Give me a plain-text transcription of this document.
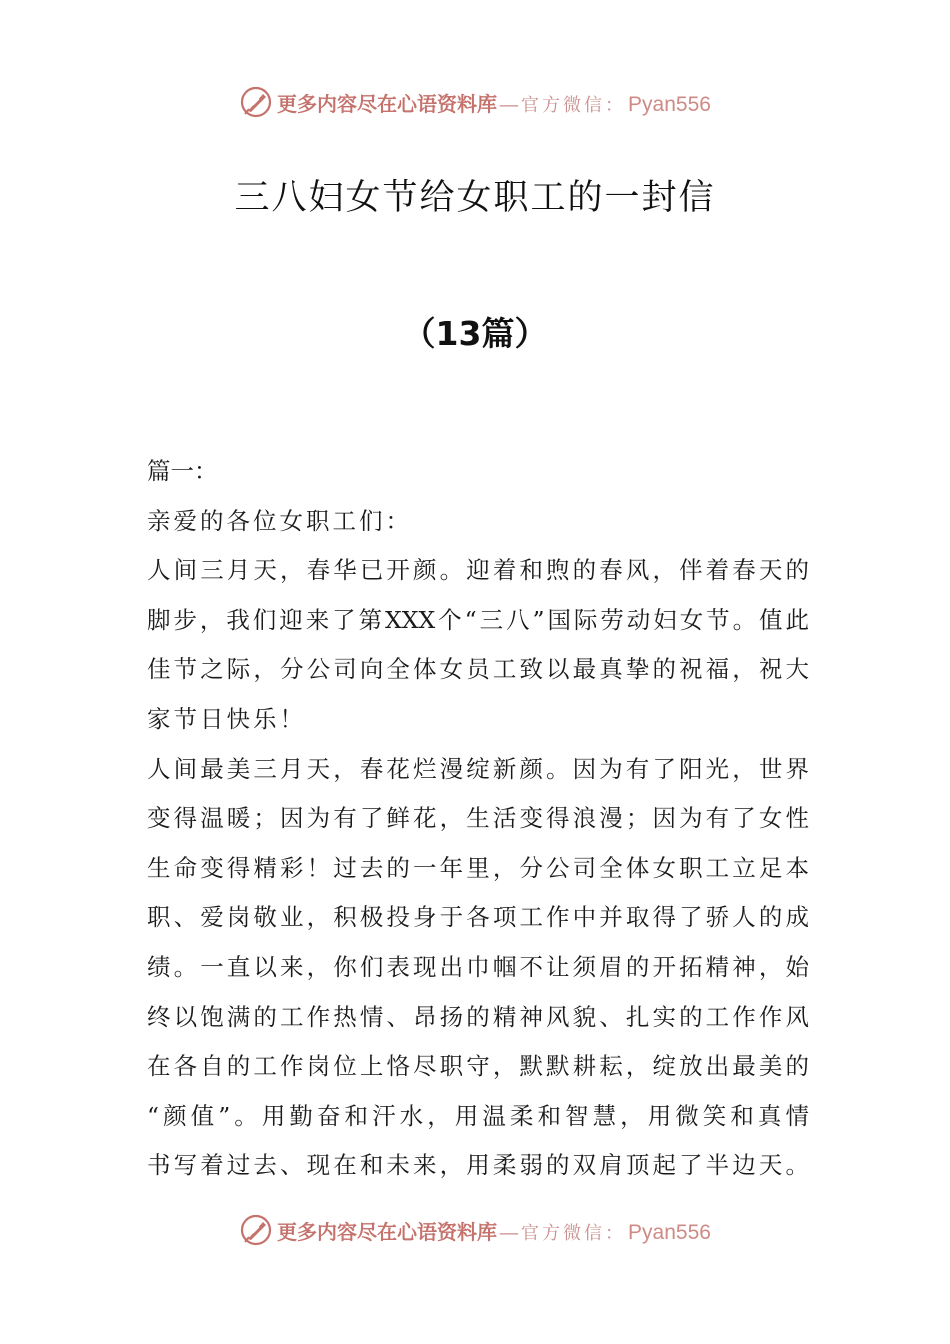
更多内容尽在心语资料库 — 官方微信： Pyan556
三八妇女节给女职工的一封信
（13篇）
篇一：
亲爱的各位女职工们：
人间三月天，春华已开颜。迎着和煦的春风，伴着春天的
脚步，我们迎来了第XXX个“三八”国际劳动妇女节。值此
佳节之际，分公司向全体女员工致以最真挚的祝福，祝大
家节日快乐！
人间最美三月天，春花烂漫绽新颜。因为有了阳光，世界
变得温暖；因为有了鲜花，生活变得浪漫；因为有了女性
生命变得精彩！过去的一年里，分公司全体女职工立足本
职、爱岗敬业，积极投身于各项工作中并取得了骄人的成
绩。一直以来，你们表现出巾帼不让须眉的开拓精神，始
终以饱满的工作热情、昂扬的精神风貌、扎实的工作作风
在各自的工作岗位上恪尽职守，默默耕耘，绽放出最美的
“颜值”。用勤奋和汗水，用温柔和智慧，用微笑和真情
书写着过去、现在和未来，用柔弱的双肩顶起了半边天。
更多内容尽在心语资料库 — 官方微信： Pyan556
